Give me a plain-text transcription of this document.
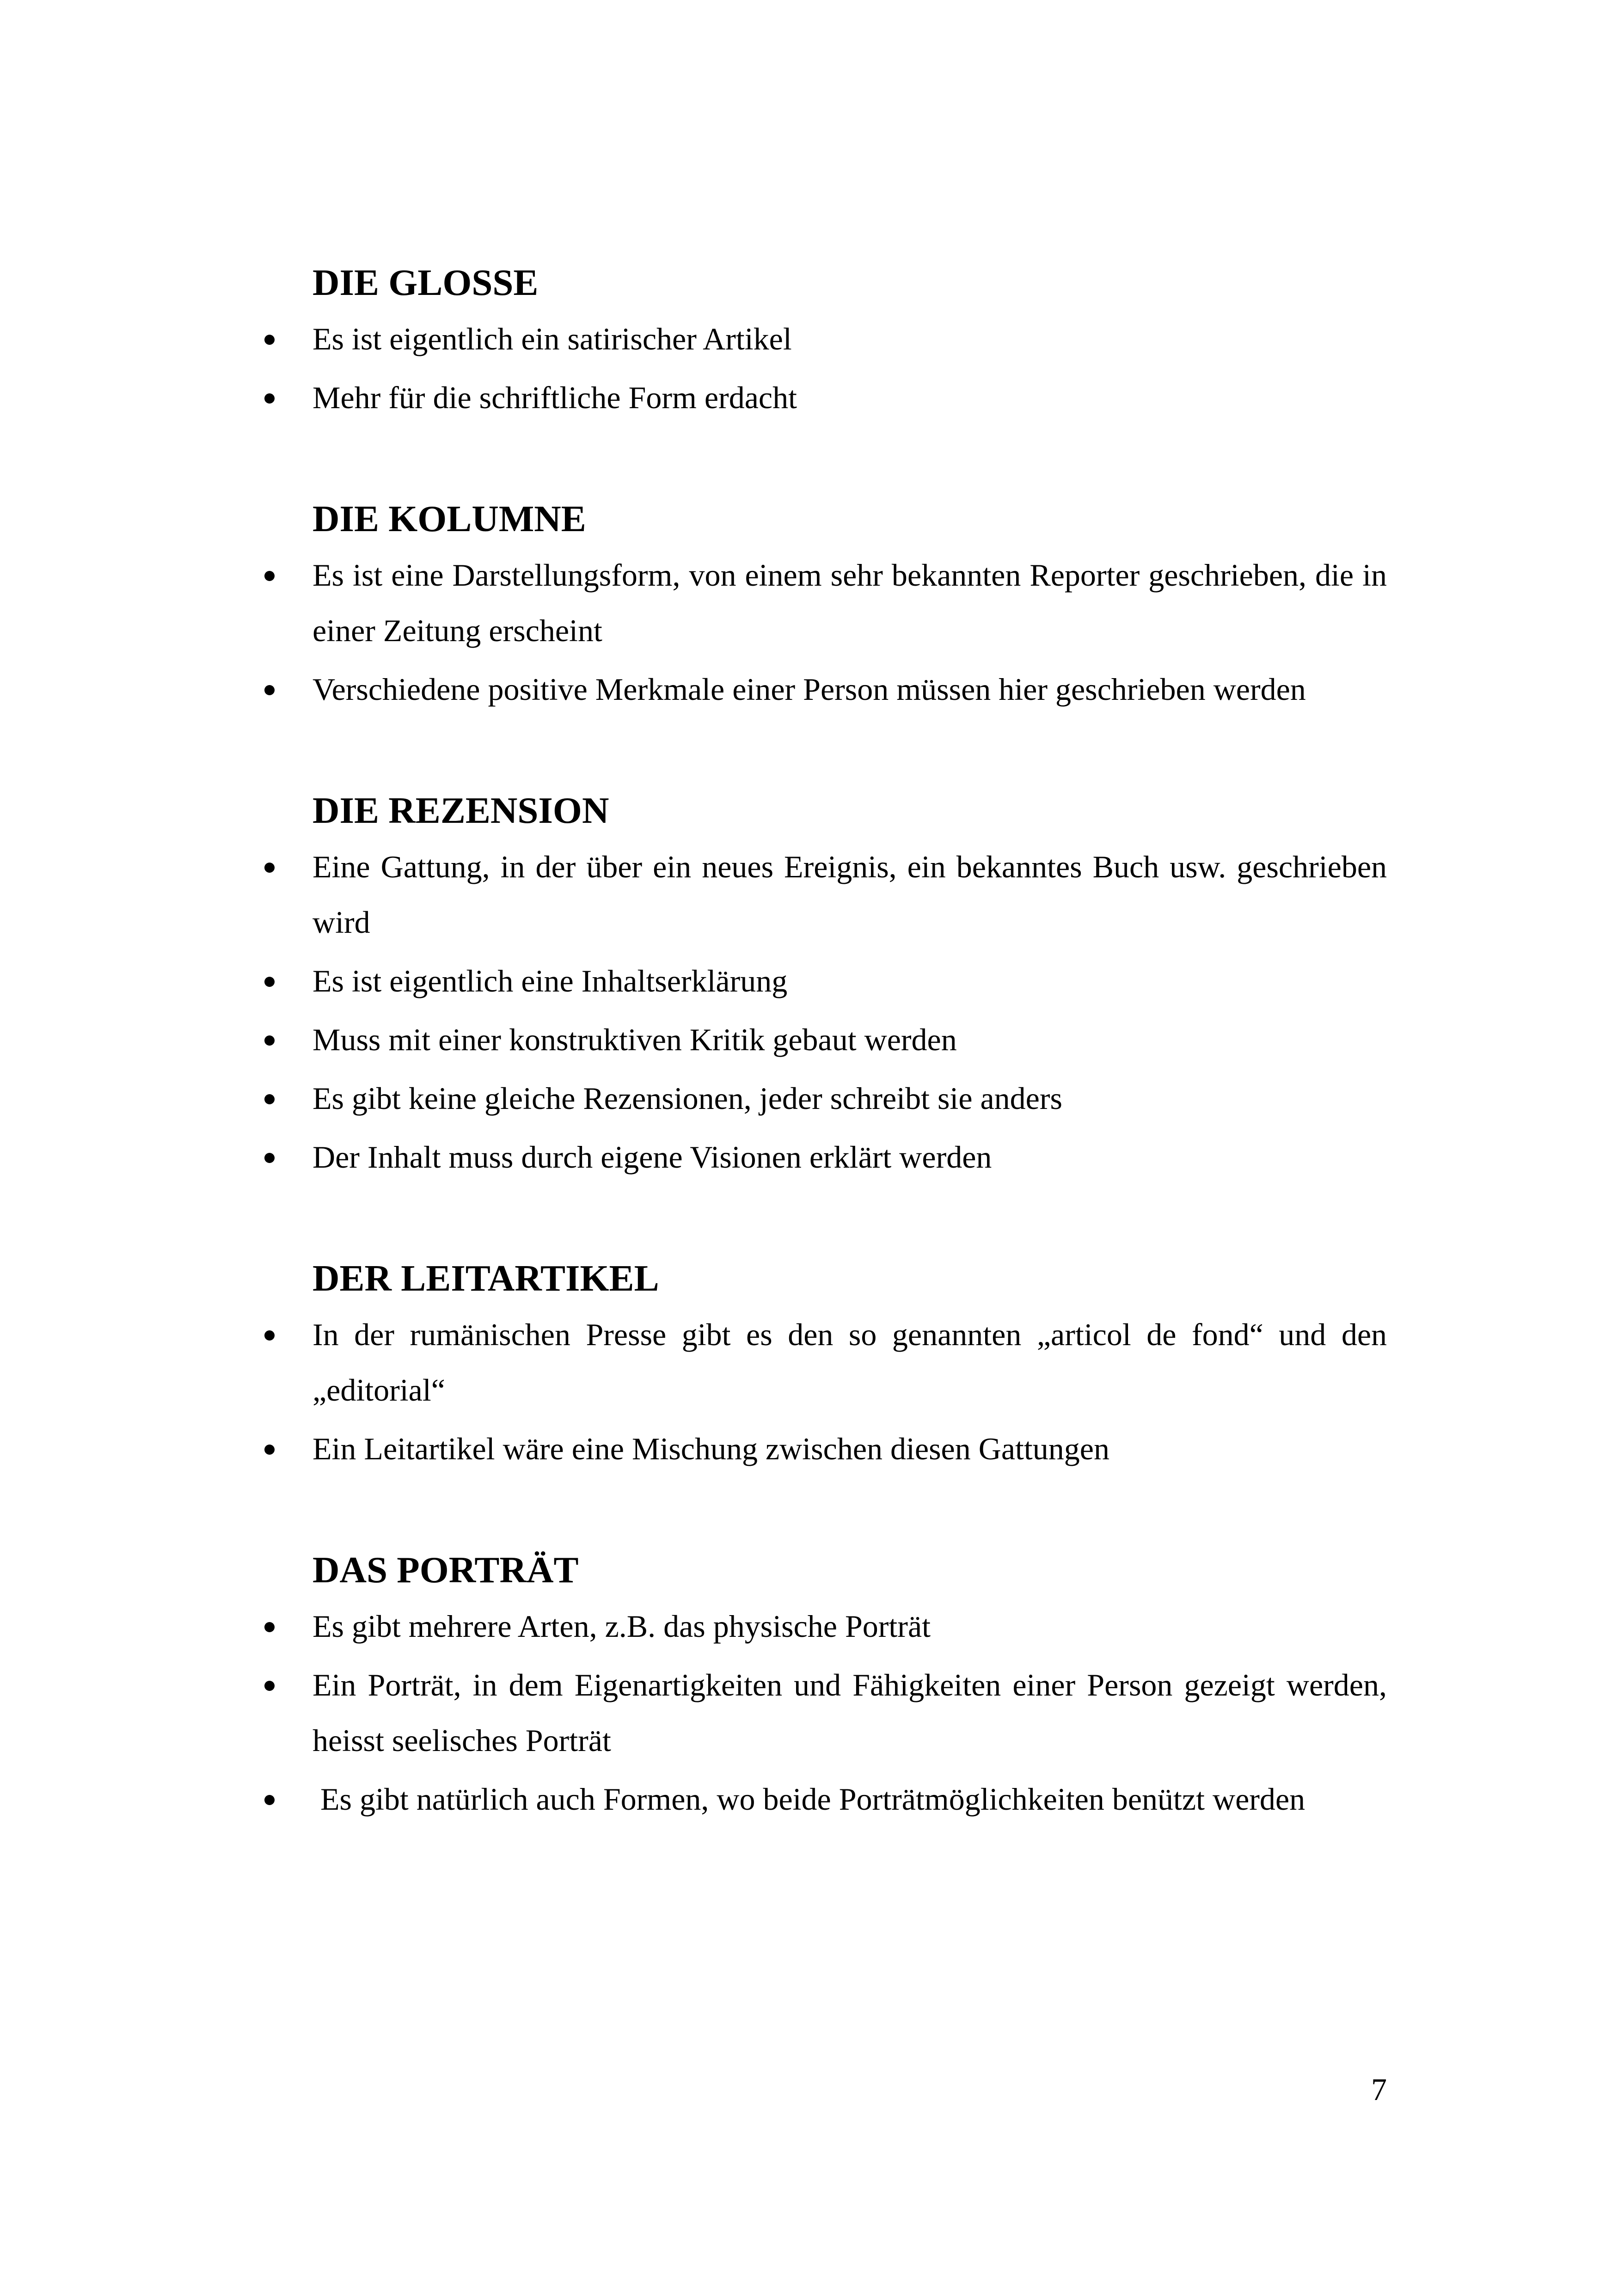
DIE GLOSSE
Es ist eigentlich ein satirischer Artikel
Mehr für die schriftliche Form erdacht
DIE KOLUMNE
Es ist eine Darstellungsform, von einem sehr bekannten Reporter geschrieben, die in einer Zeitung erscheint
Verschiedene positive Merkmale einer Person müssen hier geschrieben werden
DIE REZENSION
Eine Gattung, in der über ein neues Ereignis, ein bekanntes Buch usw. geschrieben wird
Es ist eigentlich eine Inhaltserklärung
Muss mit einer konstruktiven Kritik gebaut werden
Es gibt keine gleiche Rezensionen, jeder schreibt sie anders
Der Inhalt muss durch eigene Visionen erklärt werden
DER LEITARTIKEL
In der rumänischen Presse gibt es den so genannten „articol de fond“ und den „editorial“
Ein Leitartikel wäre eine Mischung zwischen diesen Gattungen
DAS PORTRÄT
Es gibt mehrere Arten, z.B. das physische Porträt
Ein Porträt, in dem Eigenartigkeiten und Fähigkeiten einer Person gezeigt werden, heisst seelisches Porträt
Es gibt natürlich auch Formen, wo beide Porträtmöglichkeiten benützt werden
7
